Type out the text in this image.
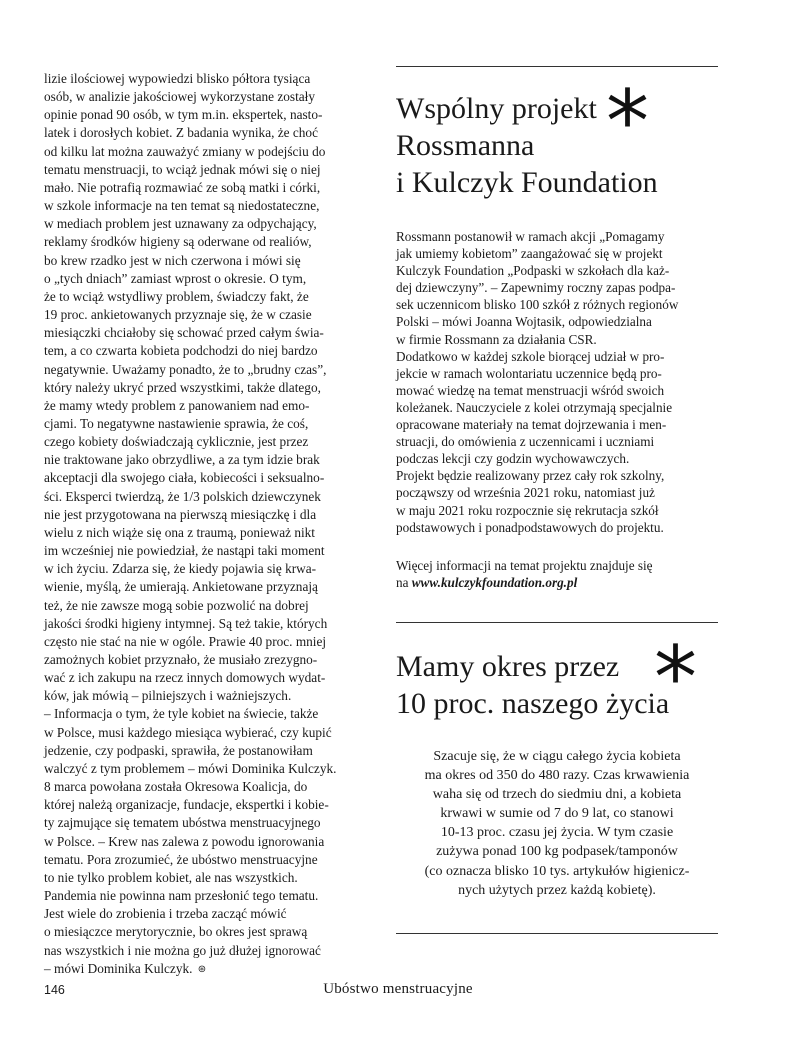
lizie ilościowej wypowiedzi blisko półtora tysiąca
osób, w analizie jakościowej wykorzystane zostały
opinie ponad 90 osób, w tym m.in. ekspertek, nasto-
latek i dorosłych kobiet. Z badania wynika, że choć
od kilku lat można zauważyć zmiany w podejściu do
tematu menstruacji, to wciąż jednak mówi się o niej
mało. Nie potrafią rozmawiać ze sobą matki i córki,
w szkole informacje na ten temat są niedostateczne,
w mediach problem jest uznawany za odpychający,
reklamy środków higieny są oderwane od realiów,
bo krew rzadko jest w nich czerwona i mówi się
o „tych dniach” zamiast wprost o okresie. O tym,
że to wciąż wstydliwy problem, świadczy fakt, że
19 proc. ankietowanych przyznaje się, że w czasie
miesiączki chciałoby się schować przed całym świa-
tem, a co czwarta kobieta podchodzi do niej bardzo
negatywnie. Uważamy ponadto, że to „brudny czas”,
który należy ukryć przed wszystkimi, także dlatego,
że mamy wtedy problem z panowaniem nad emo-
cjami. To negatywne nastawienie sprawia, że coś,
czego kobiety doświadczają cyklicznie, jest przez
nie traktowane jako obrzydliwe, a za tym idzie brak
akceptacji dla swojego ciała, kobiecości i seksualno-
ści. Eksperci twierdzą, że 1/3 polskich dziewczynek
nie jest przygotowana na pierwszą miesiączkę i dla
wielu z nich wiąże się ona z traumą, ponieważ nikt
im wcześniej nie powiedział, że nastąpi taki moment
w ich życiu. Zdarza się, że kiedy pojawia się krwa-
wienie, myślą, że umierają. Ankietowane przyznają
też, że nie zawsze mogą sobie pozwolić na dobrej
jakości środki higieny intymnej. Są też takie, których
często nie stać na nie w ogóle. Prawie 40 proc. mniej
zamożnych kobiet przyznało, że musiało zrezygno-
wać z ich zakupu na rzecz innych domowych wydat-
ków, jak mówią – pilniejszych i ważniejszych.
– Informacja o tym, że tyle kobiet na świecie, także
w Polsce, musi każdego miesiąca wybierać, czy kupić
jedzenie, czy podpaski, sprawiła, że postanowiłam
walczyć z tym problemem – mówi Dominika Kulczyk.
8 marca powołana została Okresowa Koalicja, do
której należą organizacje, fundacje, ekspertki i kobie-
ty zajmujące się tematem ubóstwa menstruacyjnego
w Polsce. – Krew nas zalewa z powodu ignorowania
tematu. Pora zrozumieć, że ubóstwo menstruacyjne
to nie tylko problem kobiet, ale nas wszystkich.
Pandemia nie powinna nam przesłonić tego tematu.
Jest wiele do zrobienia i trzeba zacząć mówić
o miesiączce merytorycznie, bo okres jest sprawą
nas wszystkich i nie można go już dłużej ignorować
– mówi Dominika Kulczyk. ⊛
Wspólny projekt
Rossmanna
i Kulczyk Foundation
*
Rossmann postanowił w ramach akcji „Pomagamy
jak umiemy kobietom” zaangażować się w projekt
Kulczyk Foundation „Podpaski w szkołach dla każ-
dej dziewczyny”. – Zapewnimy roczny zapas podpa-
sek uczennicom blisko 100 szkół z różnych regionów
Polski – mówi Joanna Wojtasik, odpowiedzialna
w firmie Rossmann za działania CSR.
Dodatkowo w każdej szkole biorącej udział w pro-
jekcie w ramach wolontariatu uczennice będą pro-
mować wiedzę na temat menstruacji wśród swoich
koleżanek. Nauczyciele z kolei otrzymają specjalnie
opracowane materiały na temat dojrzewania i men-
struacji, do omówienia z uczennicami i uczniami
podczas lekcji czy godzin wychowawczych.
Projekt będzie realizowany przez cały rok szkolny,
począwszy od września 2021 roku, natomiast już
w maju 2021 roku rozpocznie się rekrutacja szkół
podstawowych i ponadpodstawowych do projektu.
Więcej informacji na temat projektu znajduje się
na www.kulczykfoundation.org.pl
Mamy okres przez
10 proc. naszego życia
*
Szacuje się, że w ciągu całego życia kobieta
ma okres od 350 do 480 razy. Czas krwawienia
waha się od trzech do siedmiu dni, a kobieta
krwawi w sumie od 7 do 9 lat, co stanowi
10-13 proc. czasu jej życia. W tym czasie
zużywa ponad 100 kg podpasek/tamponów
(co oznacza blisko 10 tys. artykułów higienicz-
nych użytych przez każdą kobietę).
146	Ubóstwo menstruacyjne
